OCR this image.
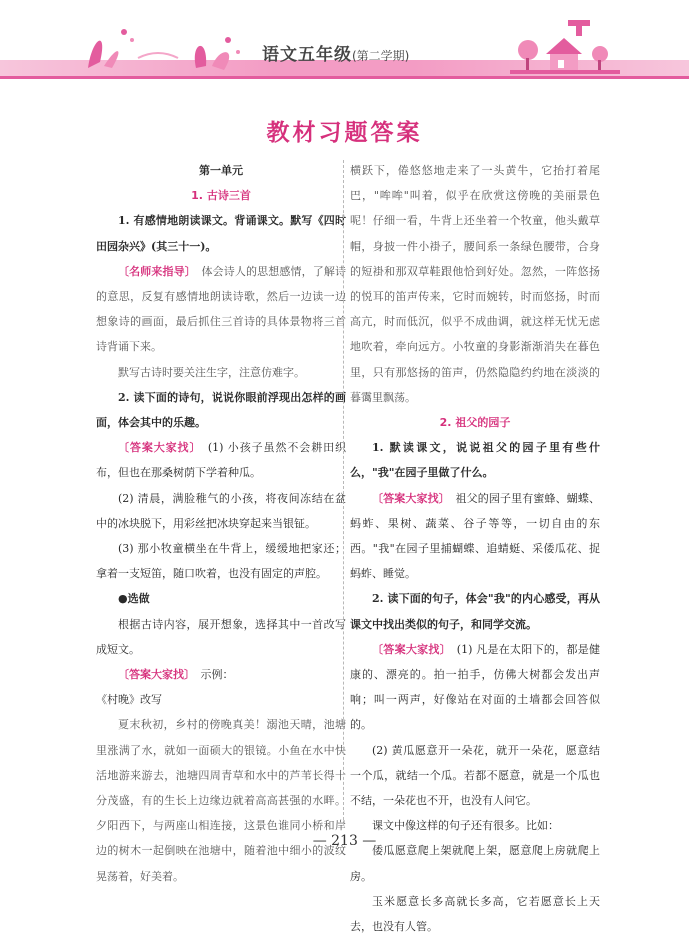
语文五年级(第二学期)
教材习题答案

第一单元

1. 古诗三首

1. 有感情地朗读课文。背诵课文。默写《四时田园杂兴》(其三十一)。

〔名师来指导〕　 体会诗人的思想感情，了解诗的意思，反复有感情地朗读诗歌，然后一边读一边想象诗的画面，最后抓住三首诗的具体景物将三首诗背诵下来。

默写古诗时要关注生字，注意仿难字。

2. 读下面的诗句，说说你眼前浮现出怎样的画面，体会其中的乐趣。

〔答案大家找〕　 (1) 小孩子虽然不会耕田织布，但也在那桑树荫下学着种瓜。

(2) 清晨，满脸稚气的小孩，将夜间冻结在盆中的冰块脱下，用彩丝把冰块穿起来当银钲。

(3) 那小牧童横坐在牛背上，缓缓地把家还；拿着一支短笛，随口吹着，也没有固定的声腔。

●选做

根据古诗内容，展开想象，选择其中一首改写成短文。

〔答案大家找〕　 示例：

《村晚》改写

夏末秋初，乡村的傍晚真美！溺池天晴，池塘里涨满了水，就如一面硕大的银镜。小鱼在水中快活地游来游去，池塘四周青草和水中的芦苇长得十分茂盛，有的生长上边缘边就着高高甚强的水畔。夕阳西下，与两座山相连接，这景色谁同小桥和岸边的树木一起倒映在池塘中，随着池中细小的波纹晃荡着，好美着。

横跃下，倦悠悠地走来了一头黄牛，它抬打着尾巴，"哞哞"叫着，似乎在欣赏这傍晚的美丽景色呢！仔细一看，牛背上还坐着一个牧童，他头戴草帽，身披一件小褂子，腰间系一条绿色腰带，合身的短褂和那双草鞋跟他恰到好处。忽然，一阵悠扬的悦耳的笛声传来，它时而婉转，时而悠扬，时而高亢，时而低沉，似乎不成曲调，就这样无忧无虑地吹着，牵向远方。小牧童的身影渐渐消失在暮色里，只有那悠扬的笛声，仍然隐隐约约地在淡淡的暮霭里飘荡。

2. 祖父的园子

1. 默读课文，说说祖父的园子里有些什么，"我"在园子里做了什么。

〔答案大家找〕　 祖父的园子里有蜜蜂、蝴蝶、蚂蚱、果树、蔬菜、谷子等等，一切自由的东西。"我"在园子里捕蝴蝶、追蜻蜓、采倭瓜花、捉蚂蚱、睡觉。

2. 读下面的句子，体会"我"的内心感受，再从课文中找出类似的句子，和同学交流。

〔答案大家找〕　 (1) 凡是在太阳下的，都是健康的、漂亮的。拍一拍手，仿佛大树都会发出声响；叫一两声，好像站在对面的土墙都会回答似的。

(2) 黄瓜愿意开一朵花，就开一朵花，愿意结一个瓜，就结一个瓜。若都不愿意，就是一个瓜也不结，一朵花也不开，也没有人问它。

课文中像这样的句子还有很多。比如：

倭瓜愿意爬上架就爬上架，愿意爬上房就爬上房。

玉米愿意长多高就长多高，它若愿意长上天去，也没有人管。

— 213 —
